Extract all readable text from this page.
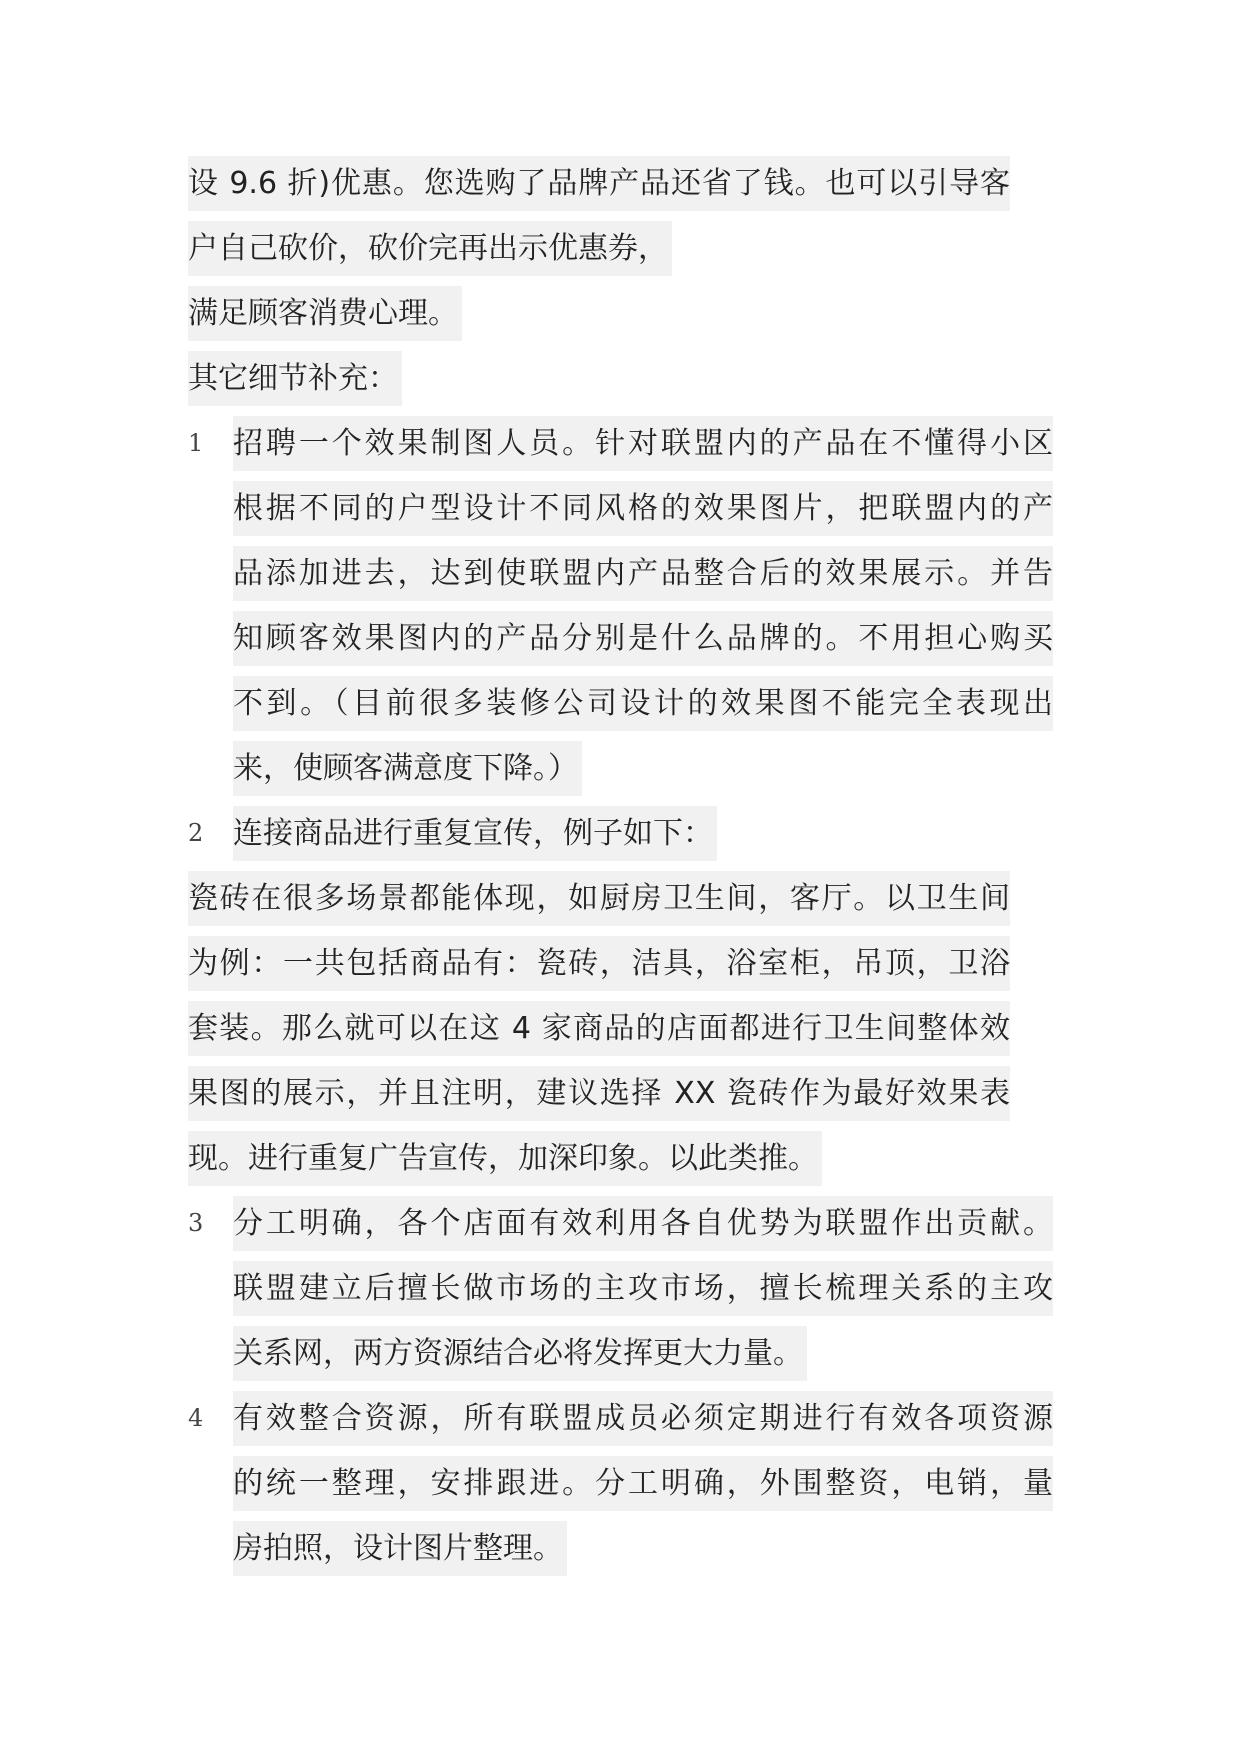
设 9.6 折)优惠。您选购了品牌产品还省了钱。也可以引导客
户自己砍价，砍价完再出示优惠券，
满足顾客消费心理。
其它细节补充：
1 招聘一个效果制图人员。针对联盟内的产品在不懂得小区
根据不同的户型设计不同风格的效果图片，把联盟内的产
品添加进去，达到使联盟内产品整合后的效果展示。并告
知顾客效果图内的产品分别是什么品牌的。不用担心购买
不到。（目前很多装修公司设计的效果图不能完全表现出
来，使顾客满意度下降。）
2 连接商品进行重复宣传，例子如下：
瓷砖在很多场景都能体现，如厨房卫生间，客厅。以卫生间
为例：一共包括商品有：瓷砖，洁具，浴室柜，吊顶，卫浴
套装。那么就可以在这 4 家商品的店面都进行卫生间整体效
果图的展示，并且注明，建议选择 XX 瓷砖作为最好效果表
现。进行重复广告宣传，加深印象。以此类推。
3 分工明确，各个店面有效利用各自优势为联盟作出贡献。
联盟建立后擅长做市场的主攻市场，擅长梳理关系的主攻
关系网，两方资源结合必将发挥更大力量。
4 有效整合资源，所有联盟成员必须定期进行有效各项资源
的统一整理，安排跟进。分工明确，外围整资，电销，量
房拍照，设计图片整理。
